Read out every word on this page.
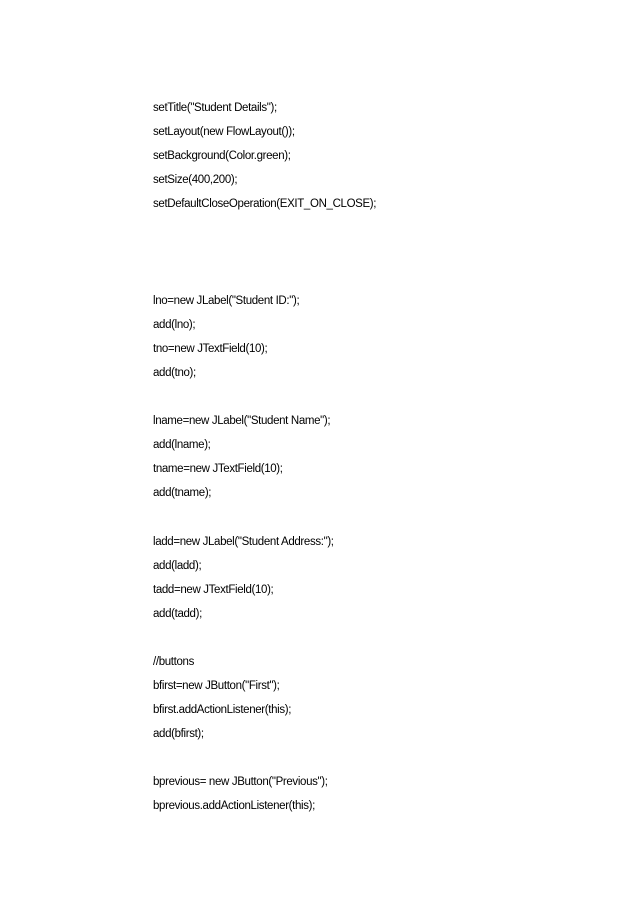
setTitle("Student Details");

setLayout(new FlowLayout());

setBackground(Color.green);

setSize(400,200);

setDefaultCloseOperation(EXIT_ON_CLOSE);

lno=new JLabel("Student ID:");

add(lno);

tno=new JTextField(10);

add(tno);

lname=new JLabel("Student Name");

add(lname);

tname=new JTextField(10);

add(tname);

ladd=new JLabel("Student Address:");

add(ladd);

tadd=new JTextField(10);

add(tadd);

//buttons

bfirst=new JButton("First");

bfirst.addActionListener(this);

add(bfirst);

bprevious= new JButton("Previous");

bprevious.addActionListener(this);
